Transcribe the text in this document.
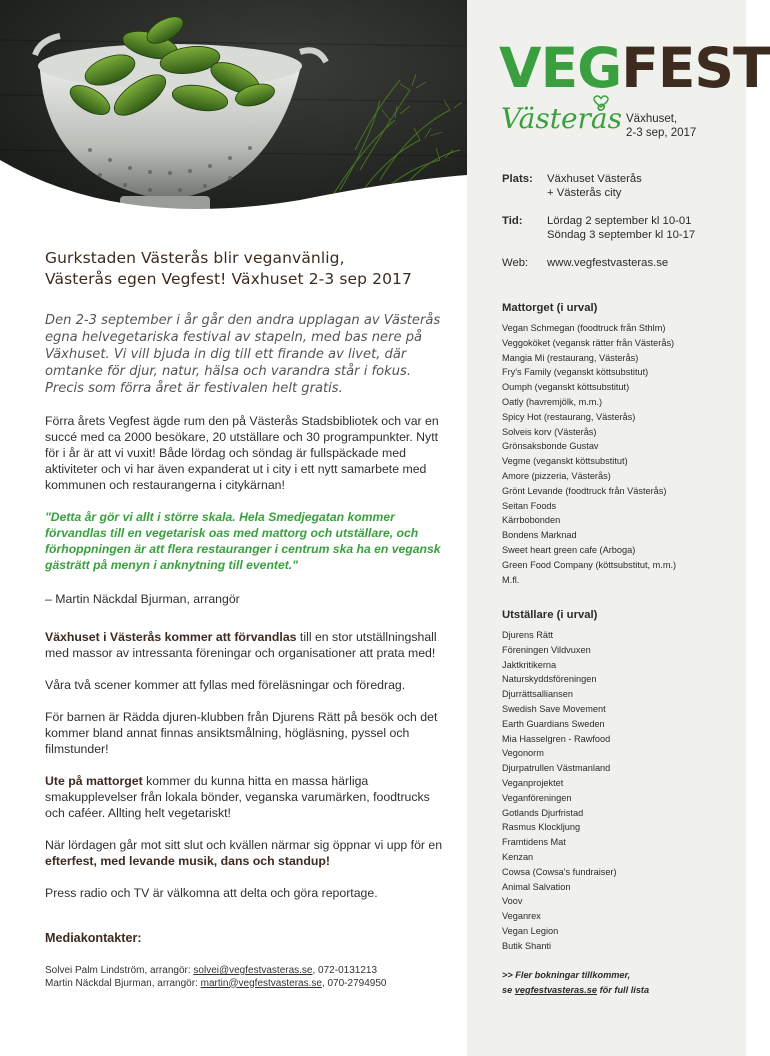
Gurkstaden Västerås blir veganvänlig,
Västerås egen Vegfest! Växhuset 2-3 sep 2017

Den 2-3 september i år går den andra upplagan av Västerås egna helvegetariska festival av stapeln, med bas nere på Växhuset. Vi vill bjuda in dig till ett firande av livet, där omtanke för djur, natur, hälsa och varandra står i fokus. Precis som förra året är festivalen helt gratis.

Förra årets Vegfest ägde rum den på Västerås Stadsbibliotek och var en succé med ca 2000 besökare, 20 utställare och 30 programpunkter. Nytt för i år är att vi vuxit! Både lördag och söndag är fullspäckade med aktiviteter och vi har även expanderat ut i city i ett nytt samarbete med kommunen och restaurangerna i citykärnan!

"Detta år gör vi allt i större skala. Hela Smedjegatan kommer förvandlas till en vegetarisk oas med mattorg och utställare, och förhoppningen är att flera restauranger i centrum ska ha en vegansk gästrätt på menyn i anknytning till eventet."

– Martin Näckdal Bjurman, arrangör

Växhuset i Västerås kommer att förvandlas till en stor utställningshall med massor av intressanta föreningar och organisationer att prata med!

Våra två scener kommer att fyllas med föreläsningar och föredrag.

För barnen är Rädda djuren-klubben från Djurens Rätt på besök och det kommer bland annat finnas ansiktsmålning, högläsning, pyssel och filmstunder!

Ute på mattorget kommer du kunna hitta en massa härliga smakupplevelser från lokala bönder, veganska varumärken, foodtrucks och caféer. Allting helt vegetariskt!

När lördagen går mot sitt slut och kvällen närmar sig öppnar vi upp för en efterfest, med levande musik, dans och standup!

Press radio och TV är välkomna att delta och göra reportage.

Mediakontakter:

Solvei Palm Lindström, arrangör: solvei@vegfestvasteras.se, 072-0131213
Martin Näckdal Bjurman, arrangör: martin@vegfestvasteras.se, 070-2794950
VEGFEST
Västerås Växhuset,
2-3 sep, 2017
Plats:	Växhuset Västerås
+ Västerås city
Tid:	Lördag 2 september kl 10-01
Söndag 3 september kl 10-17
Web:	www.vegfestvasteras.se
Mattorget (i urval)
Vegan Schmegan (foodtruck från Sthlm)
Veggoköket (vegansk rätter från Västerås)
Mangia Mi (restaurang, Västerås)
Fry's Family (veganskt köttsubstitut)
Oumph (veganskt köttsubstitut)
Oatly (havremjölk, m.m.)
Spicy Hot (restaurang, Västerås)
Solveis korv (Västerås)
Grönsaksbonde Gustav
Vegme (veganskt köttsubstitut)
Amore (pizzeria, Västerås)
Grönt Levande (foodtruck från Västerås)
Seitan Foods
Kärrbobonden
Bondens Marknad
Sweet heart green cafe (Arboga)
Green Food Company (köttsubstitut, m.m.)
M.fl.
Utställare (i urval)
Djurens Rätt
Föreningen Vildvuxen
Jaktkritikerna
Naturskyddsföreningen
Djurrättsalliansen
Swedish Save Movement
Earth Guardians Sweden
Mia Hasselgren - Rawfood
Vegonorm
Djurpatrullen Västmanland
Veganprojektet
Veganföreningen
Gotlands Djurfristad
Rasmus Klockljung
Framtidens Mat
Kenzan
Cowsa (Cowsa's fundraiser)
Animal Salvation
Voov
Veganrex
Vegan Legion
Butik Shanti
>> Fler bokningar tillkommer,
se vegfestvasteras.se för full lista
